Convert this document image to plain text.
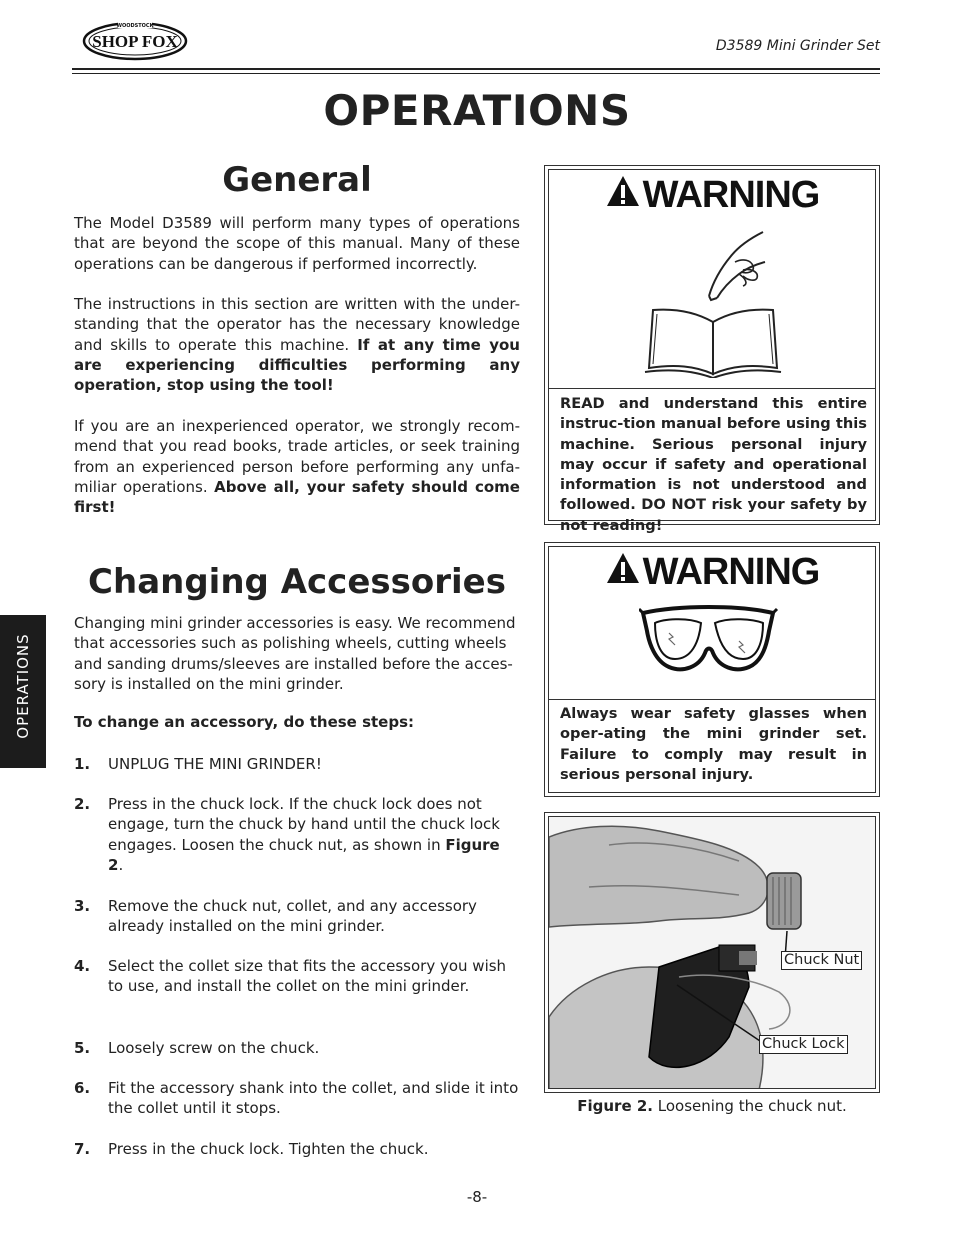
WOODSTOCK
SHOP FOX	D3589 Mini Grinder Set
OPERATIONS
OPERATIONS
General
The Model D3589 will perform many types of operations that are beyond the scope of this manual. Many of these operations can be dangerous if performed incorrectly.
The instructions in this section are written with the under-standing that the operator has the necessary knowledge and skills to operate this machine. If at any time you are experiencing difficulties performing any operation, stop using the tool!
If you are an inexperienced operator, we strongly recom-mend that you read books, trade articles, or seek training from an experienced person before performing any unfa-miliar operations. Above all, your safety should come first!
Changing Accessories
Changing mini grinder accessories is easy. We recommend that accessories such as polishing wheels, cutting wheels and sanding drums/sleeves are installed before the acces-sory is installed on the mini grinder.
To change an accessory, do these steps:
1. UNPLUG THE MINI GRINDER!
2. Press in the chuck lock. If the chuck lock does not engage, turn the chuck by hand until the chuck lock engages. Loosen the chuck nut, as shown in Figure 2.
3. Remove the chuck nut, collet, and any accessory already installed on the mini grinder.
4. Select the collet size that fits the accessory you wish to use, and install the collet on the mini grinder.
5. Loosely screw on the chuck.
6. Fit the accessory shank into the collet, and slide it into the collet until it stops.
7. Press in the chuck lock. Tighten the chuck.
WARNING
READ and understand this entire instruc-tion manual before using this machine. Serious personal injury may occur if safety and operational information is not understood and followed. DO NOT risk your safety by not reading!
WARNING
Always wear safety glasses when oper-ating the mini grinder set. Failure to comply may result in serious personal injury.
Chuck Nut
Chuck Lock
Figure 2. Loosening the chuck nut.
-8-
